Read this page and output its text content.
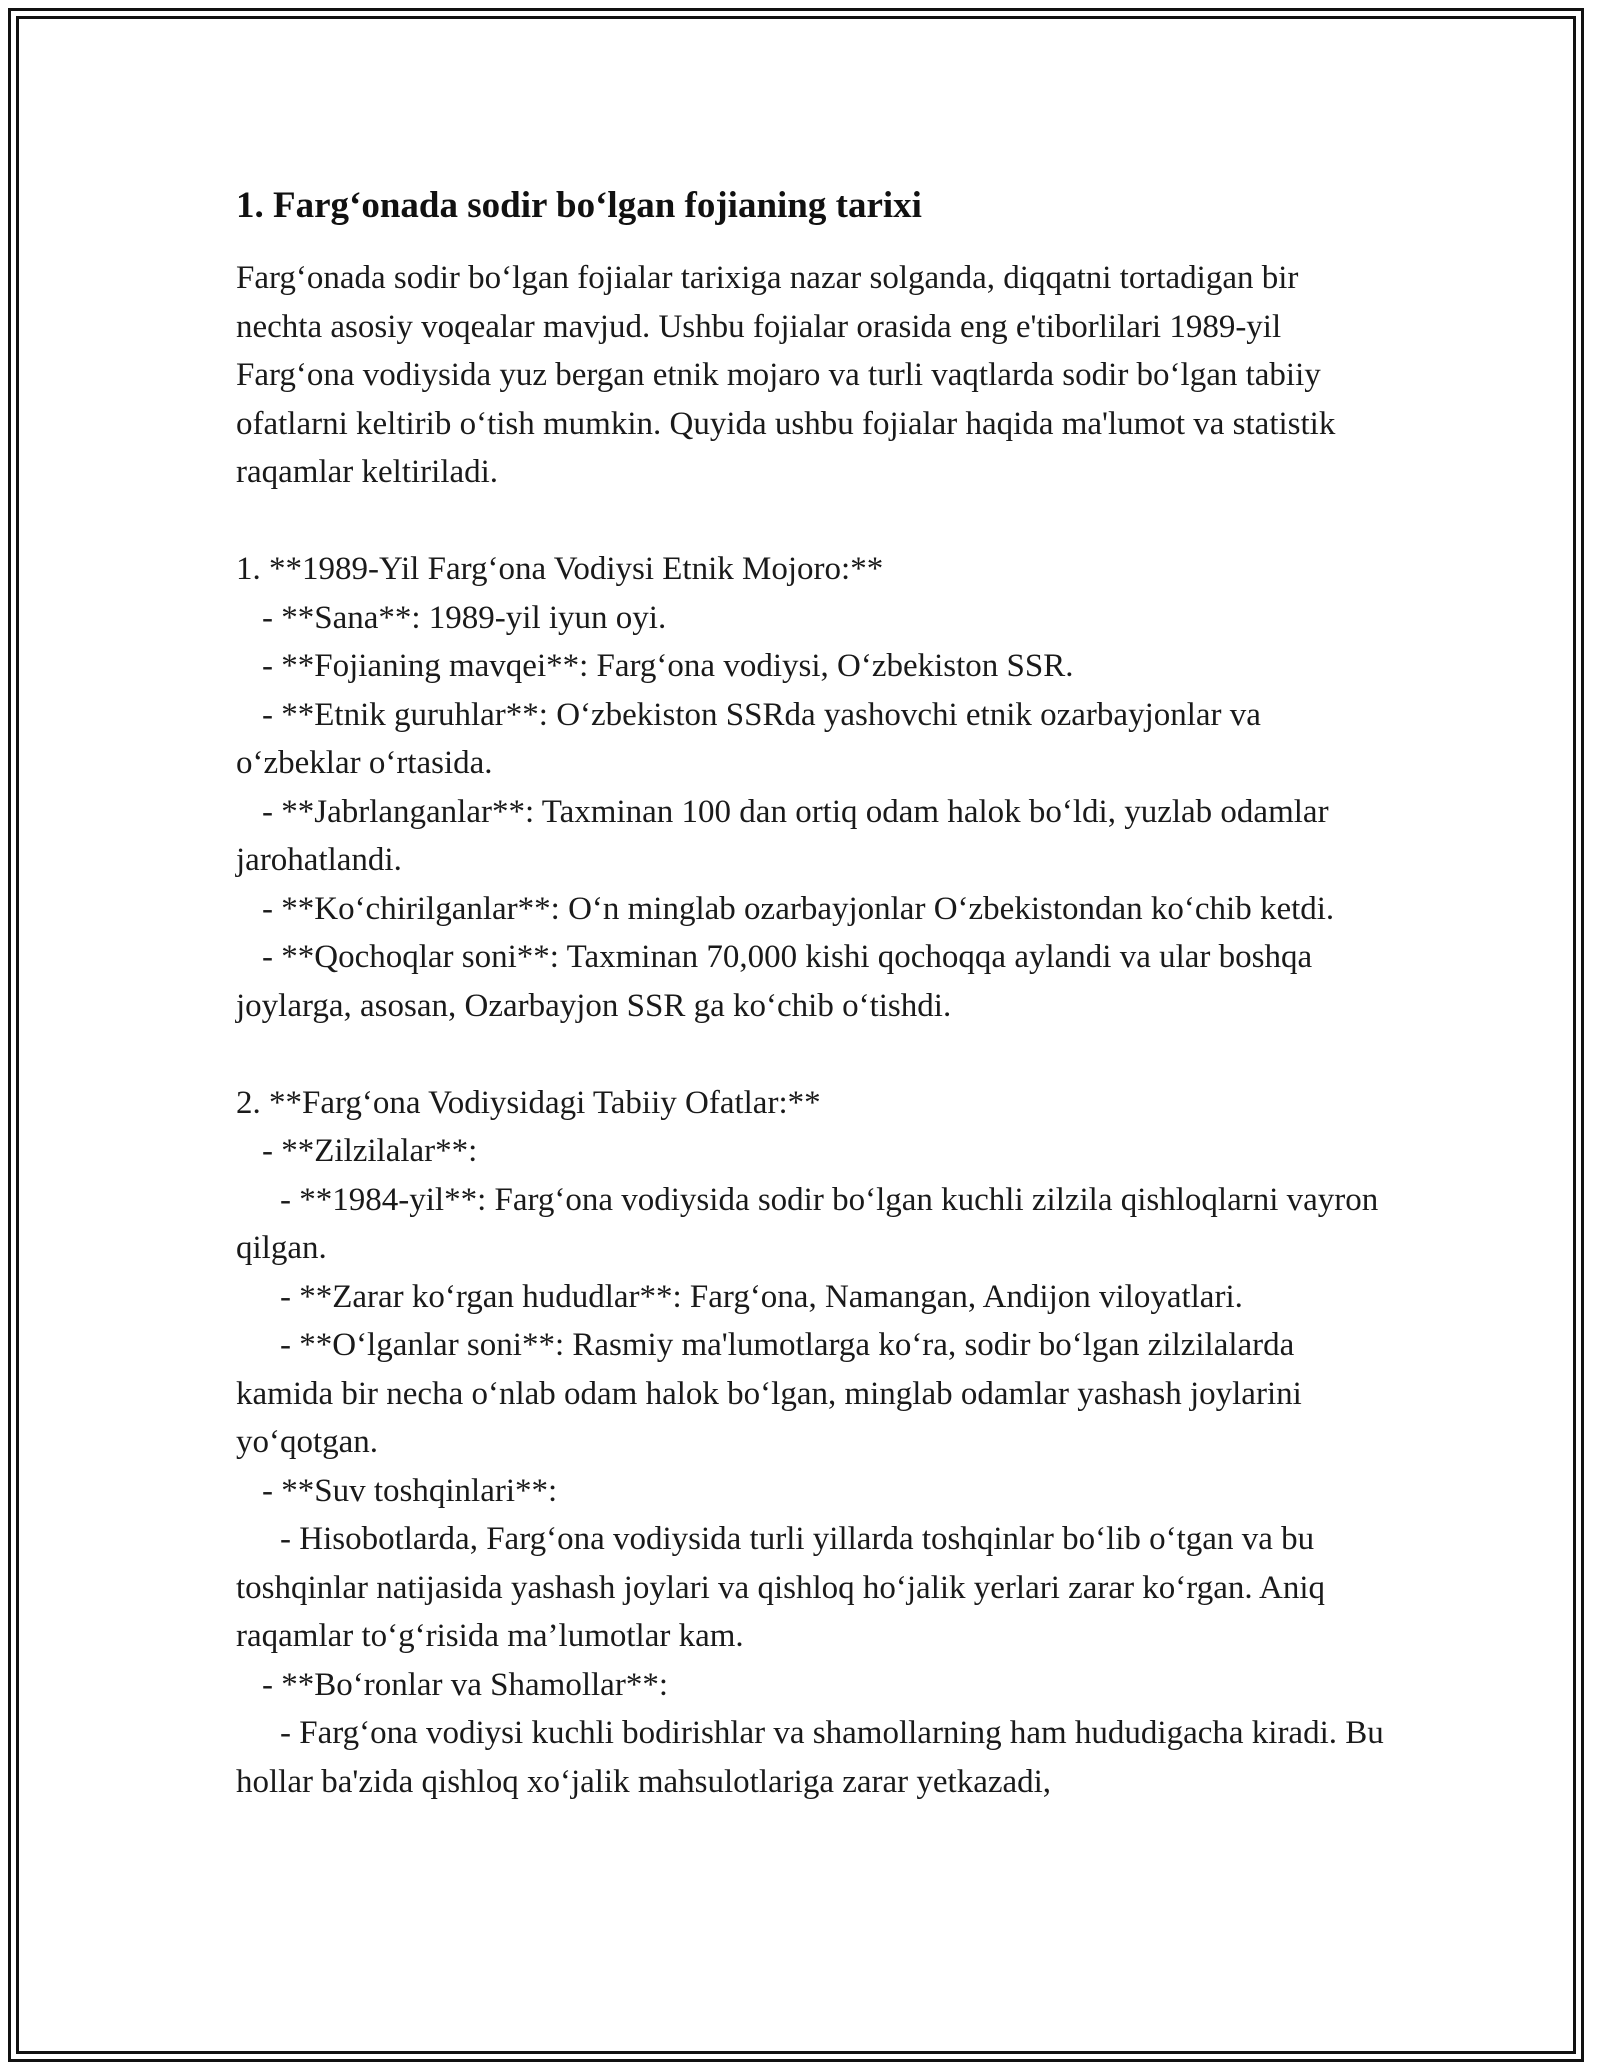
1. Farg‘onada sodir bo‘lgan fojianing tarixi

Farg‘onada sodir bo‘lgan fojialar tarixiga nazar solganda, diqqatni tortadigan bir nechta asosiy voqealar mavjud. Ushbu fojialar orasida eng e'tiborlilari 1989-yil Farg‘ona vodiysida yuz bergan etnik mojaro va turli vaqtlarda sodir bo‘lgan tabiiy ofatlarni keltirib o‘tish mumkin. Quyida ushbu fojialar haqida ma'lumot va statistik raqamlar keltiriladi.

1. **1989-Yil Farg‘ona Vodiysi Etnik Mojoro:**

- **Sana**: 1989-yil iyun oyi.

- **Fojianing mavqei**: Farg‘ona vodiysi, O‘zbekiston SSR.

- **Etnik guruhlar**: O‘zbekiston SSRda yashovchi etnik ozarbayjonlar va o‘zbeklar o‘rtasida.

- **Jabrlanganlar**: Taxminan 100 dan ortiq odam halok bo‘ldi, yuzlab odamlar jarohatlandi.

- **Ko‘chirilganlar**: O‘n minglab ozarbayjonlar O‘zbekistondan ko‘chib ketdi.

- **Qochoqlar soni**: Taxminan 70,000 kishi qochoqqa aylandi va ular boshqa joylarga, asosan, Ozarbayjon SSR ga ko‘chib o‘tishdi.

2. **Farg‘ona Vodiysidagi Tabiiy Ofatlar:**

- **Zilzilalar**:

- **1984-yil**: Farg‘ona vodiysida sodir bo‘lgan kuchli zilzila qishloqlarni vayron qilgan.

- **Zarar ko‘rgan hududlar**: Farg‘ona, Namangan, Andijon viloyatlari.

- **O‘lganlar soni**: Rasmiy ma'lumotlarga ko‘ra, sodir bo‘lgan zilzilalarda kamida bir necha o‘nlab odam halok bo‘lgan, minglab odamlar yashash joylarini yo‘qotgan.

- **Suv toshqinlari**:

- Hisobotlarda, Farg‘ona vodiysida turli yillarda toshqinlar bo‘lib o‘tgan va bu toshqinlar natijasida yashash joylari va qishloq ho‘jalik yerlari zarar ko‘rgan. Aniq raqamlar to‘g‘risida ma’lumotlar kam.

- **Bo‘ronlar va Shamollar**:

- Farg‘ona vodiysi kuchli bodirishlar va shamollarning ham hududigacha kiradi. Bu hollar ba'zida qishloq xo‘jalik mahsulotlariga zarar yetkazadi,
